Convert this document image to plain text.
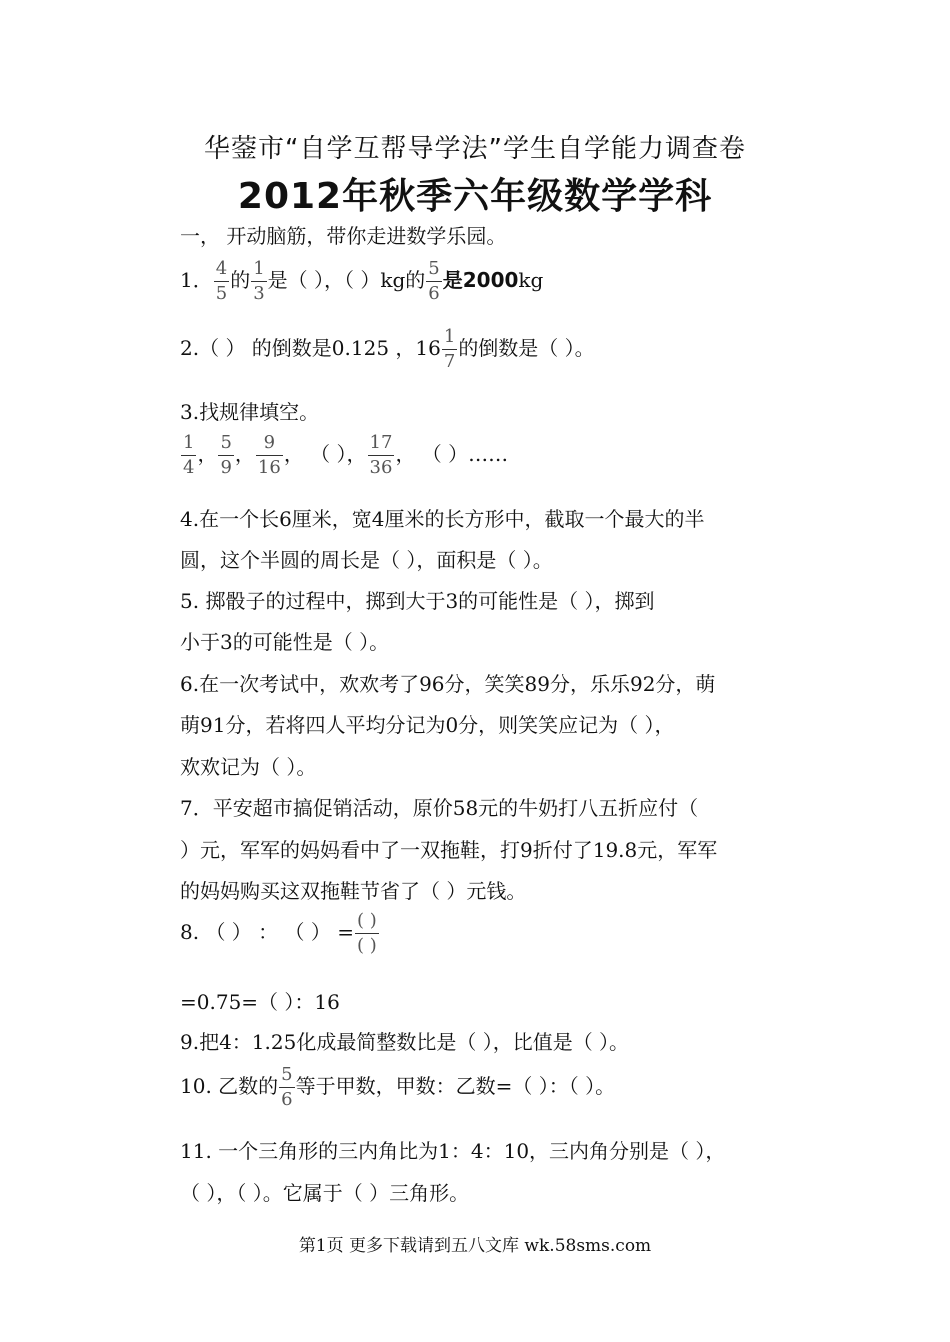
华蓥市“自学互帮导学法”学生自学能力调查卷
2012年秋季六年级数学学科
一， 开动脑筋，带你走进数学乐园。
1． $\frac{4}{5}$ 的 $\frac{1}{3}$ 是（ ），（ ）kg的 $\frac{5}{6}$ 是2000kg
2.（ ） 的倒数是0.125 ，$16 \frac{1}{7}$ 的倒数是（ ）。
3.找规律填空。
$\frac{1}{4}$ ， $\frac{5}{9}$ ， $\frac{9}{16}$ ， （ ）， $\frac{17}{36}$ ， （ ）……
4.在一个长6厘米，宽4厘米的长方形中，截取一个最大的半
圆，这个半圆的周长是（ ），面积是（ ）。
5. 掷骰子的过程中，掷到大于3的可能性是（ ），掷到
小于3的可能性是（ ）。
6.在一次考试中，欢欢考了96分，笑笑89分，乐乐92分，萌
萌91分，若将四人平均分记为0分，则笑笑应记为（ ），
欢欢记为（ ）。
7．平安超市搞促销活动，原价58元的牛奶打八五折应付（
）元，军军的妈妈看中了一双拖鞋，打9折付了19.8元，军军
的妈妈购买这双拖鞋节省了（ ）元钱。
8. （ ） ： （ ） = $\frac{( )}{( )}$
=0.75=（ ）：16
9.把4：1.25化成最简整数比是（ ），比值是（ ）。
10. 乙数的 $\frac{5}{6}$ 等于甲数，甲数：乙数=（ ）：（ ）。
11. 一个三角形的三内角比为1：4：10，三内角分别是（ ），
（ ），（ ）。它属于（ ）三角形。
第1页 更多下载请到五八文库 wk.58sms.com
